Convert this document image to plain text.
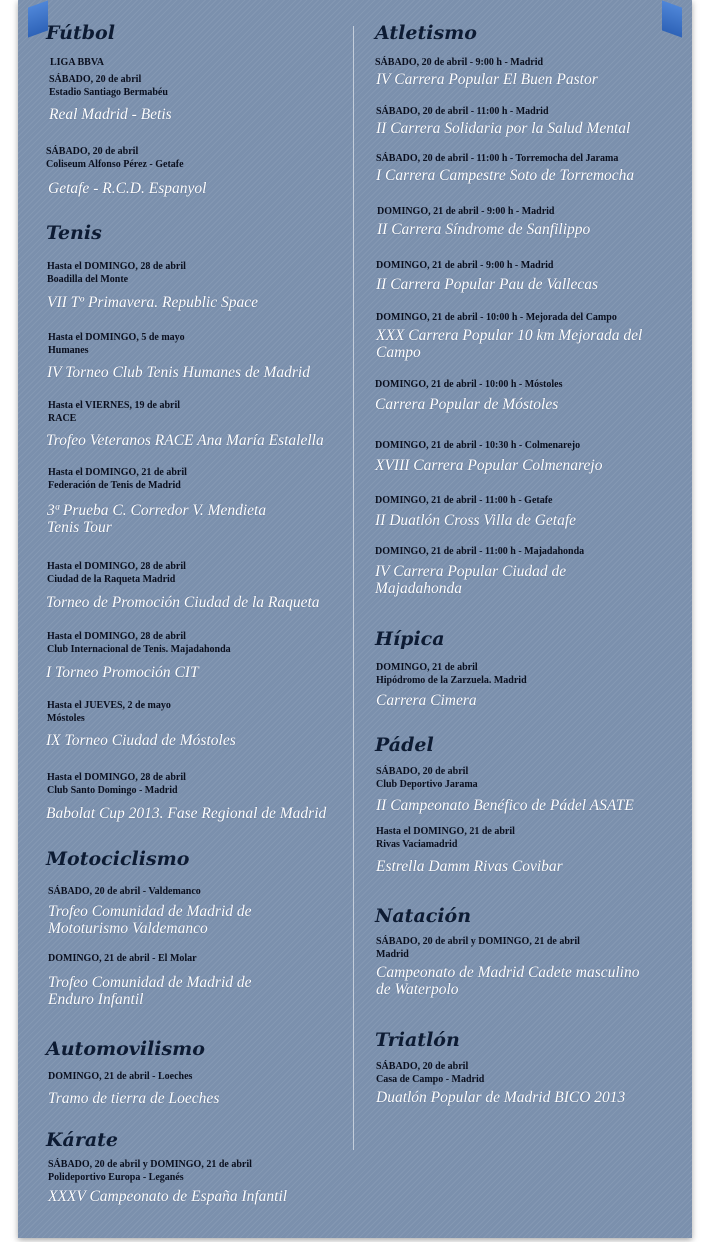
Fútbol
LIGA BBVA
SÁBADO, 20 de abril
Estadio Santiago Bermabéu
Real Madrid - Betis
SÁBADO, 20 de abril
Coliseum Alfonso Pérez - Getafe
Getafe - R.C.D. Espanyol
Tenis
Hasta el DOMINGO, 28 de abril
Boadilla del Monte
VII Tº Primavera. Republic Space
Hasta el DOMINGO, 5 de mayo
Humanes
IV Torneo Club Tenis Humanes de Madrid
Hasta el VIERNES, 19 de abril
RACE
Trofeo Veteranos RACE Ana María Estalella
Hasta el DOMINGO, 21 de abril
Federación de Tenis de Madrid
3ª Prueba C. Corredor V. Mendieta
Tenis Tour
Hasta el DOMINGO, 28 de abril
Ciudad de la Raqueta Madrid
Torneo de Promoción Ciudad de la Raqueta
Hasta el DOMINGO, 28 de abril
Club Internacional de Tenis. Majadahonda
I Torneo Promoción CIT
Hasta el JUEVES, 2 de mayo
Móstoles
IX Torneo Ciudad de Móstoles
Hasta el DOMINGO, 28 de abril
Club Santo Domingo - Madrid
Babolat Cup 2013. Fase Regional de Madrid
Motociclismo
SÁBADO, 20 de abril - Valdemanco
Trofeo Comunidad de Madrid de
Mototurismo Valdemanco
DOMINGO, 21 de abril - El Molar
Trofeo Comunidad de Madrid de
Enduro Infantil
Automovilismo
DOMINGO, 21 de abril - Loeches
Tramo de tierra de Loeches
Kárate
SÁBADO, 20 de abril y DOMINGO, 21 de abril
Polideportivo Europa - Leganés
XXXV Campeonato de España Infantil
Atletismo
SÁBADO, 20 de abril - 9:00 h - Madrid
IV Carrera Popular El Buen Pastor
SÁBADO, 20 de abril - 11:00 h - Madrid
II Carrera Solidaria por la Salud Mental
SÁBADO, 20 de abril - 11:00 h - Torremocha del Jarama
I Carrera Campestre Soto de Torremocha
DOMINGO, 21 de abril - 9:00 h - Madrid
II Carrera Síndrome de Sanfilippo
DOMINGO, 21 de abril - 9:00 h - Madrid
II Carrera Popular Pau de Vallecas
DOMINGO, 21 de abril - 10:00 h - Mejorada del Campo
XXX Carrera Popular 10 km Mejorada del
Campo
DOMINGO, 21 de abril - 10:00 h - Móstoles
Carrera Popular de Móstoles
DOMINGO, 21 de abril - 10:30 h - Colmenarejo
XVIII Carrera Popular Colmenarejo
DOMINGO, 21 de abril - 11:00 h - Getafe
II Duatlón Cross Villa de Getafe
DOMINGO, 21 de abril - 11:00 h - Majadahonda
IV Carrera Popular Ciudad de
Majadahonda
Hípica
DOMINGO, 21 de abril
Hipódromo de la Zarzuela. Madrid
Carrera Cimera
Pádel
SÁBADO, 20 de abril
Club Deportivo Jarama
II Campeonato Benéfico de Pádel ASATE
Hasta el DOMINGO, 21 de abril
Rivas Vaciamadrid
Estrella Damm Rivas Covibar
Natación
SÁBADO, 20 de abril y DOMINGO, 21 de abril
Madrid
Campeonato de Madrid Cadete masculino
de Waterpolo
Triatlón
SÁBADO, 20 de abril
Casa de Campo - Madrid
Duatlón Popular de Madrid BICO 2013
